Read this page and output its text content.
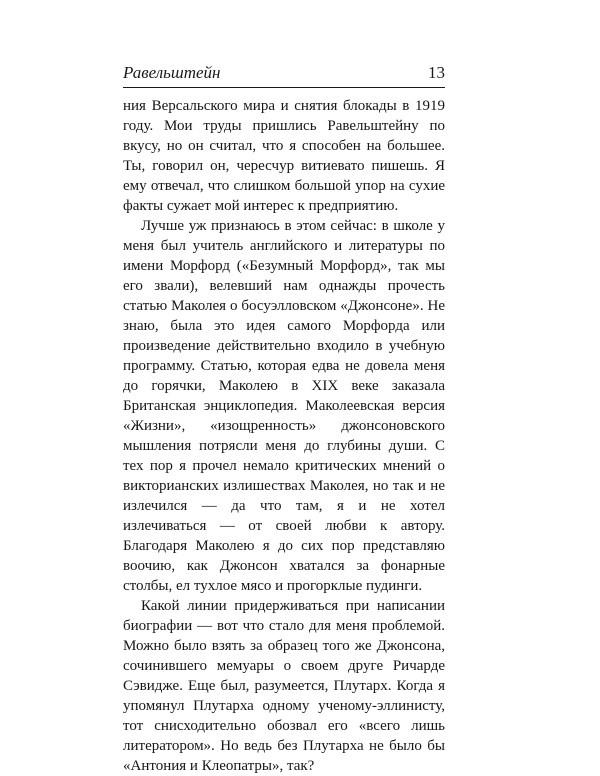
Равельштейн	13

ния Версальского мира и снятия блокады в 1919 году. Мои труды пришлись Равельштейну по вкусу, но он считал, что я способен на большее. Ты, говорил он, чересчур витиевато пишешь. Я ему отвечал, что слишком большой упор на сухие факты сужает мой интерес к предприятию.

Лучше уж признаюсь в этом сейчас: в школе у меня был учитель английского и литературы по имени Морфорд («Безумный Морфорд», так мы его звали), велевший нам однажды прочесть статью Маколея о босуэлловском «Джонсоне». Не знаю, была это идея самого Морфорда или произведение действительно входило в учебную программу. Статью, которая едва не довела меня до горячки, Маколею в XIX веке заказала Британская энциклопедия. Маколеевская версия «Жизни», «изощренность» джонсоновского мышления потрясли меня до глубины души. С тех пор я прочел немало критических мнений о викторианских излишествах Маколея, но так и не излечился — да что там, я и не хотел излечиваться — от своей любви к автору. Благодаря Маколею я до сих пор представляю воочию, как Джонсон хватался за фонарные столбы, ел тухлое мясо и прогорклые пудинги.

Какой линии придерживаться при написании биографии — вот что стало для меня проблемой. Можно было взять за образец того же Джонсона, сочинившего мемуары о своем друге Ричарде Сэвидже. Еще был, разумеется, Плутарх. Когда я упомянул Плутарха одному ученому-эллинисту, тот снисходительно обозвал его «всего лишь литератором». Но ведь без Плутарха не было бы «Антония и Клеопатры», так?
